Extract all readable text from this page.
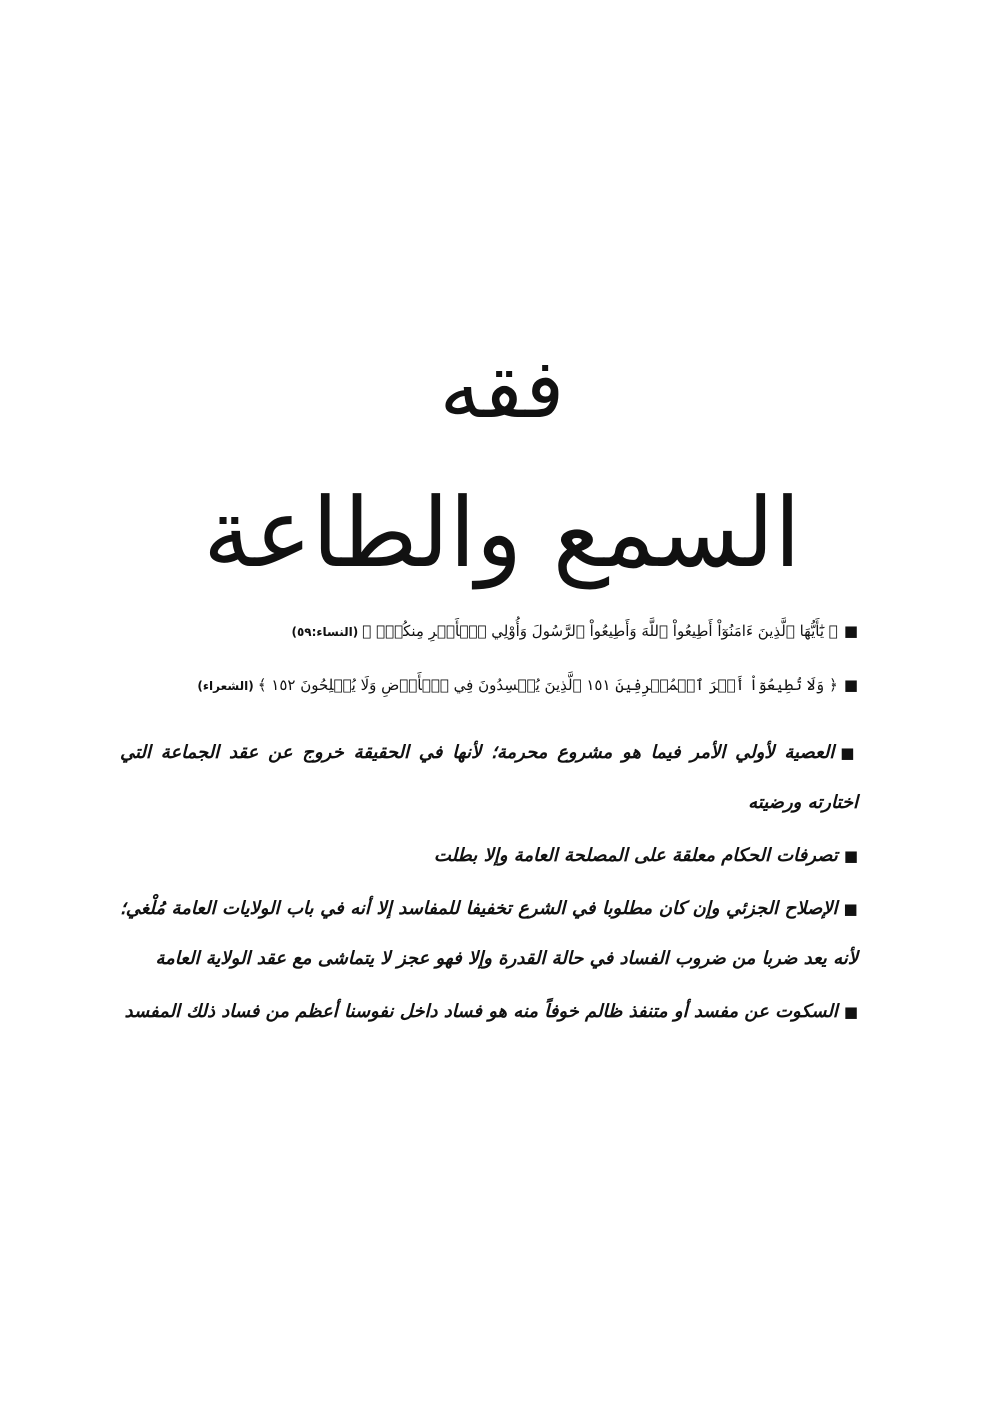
فقه
السمع والطاعة
■﴿ يَٰٓأَيُّهَا ٱلَّذِينَ ءَامَنُوٓاْ أَطِيعُواْ ٱللَّهَ وَأَطِيعُواْ ٱلرَّسُولَ وَأُوْلِي ٱلۡأَمۡرِ مِنكُمۡۖ ﴾(النساء:٥٩)
■﴿ وَلَا تُطِيعُوٓاْ أَمۡرَ ٱلۡمُسۡرِفِينَ ١٥١ ٱلَّذِينَ يُفۡسِدُونَ فِي ٱلۡأَرۡضِ وَلَا يُصۡلِحُونَ ١٥٢ ﴾(الشعراء)
■العصية لأولي الأمر فيما هو مشروع محرمة؛ لأنها في الحقيقة خروج عن عقد الجماعة التي اختارته ورضيته
■تصرفات الحكام معلقة على المصلحة العامة وإلا بطلت
■الإصلاح الجزئي وإن كان مطلوبا في الشرع تخفيفا للمفاسد إلا أنه في باب الولايات العامة مُلْغي؛ لأنه يعد ضربا من ضروب الفساد في حالة القدرة وإلا فهو عجز لا يتماشى مع عقد الولاية العامة
■السكوت عن مفسد أو متنفذ ظالم خوفاً منه هو فساد داخل نفوسنا أعظم من فساد ذلك المفسد
